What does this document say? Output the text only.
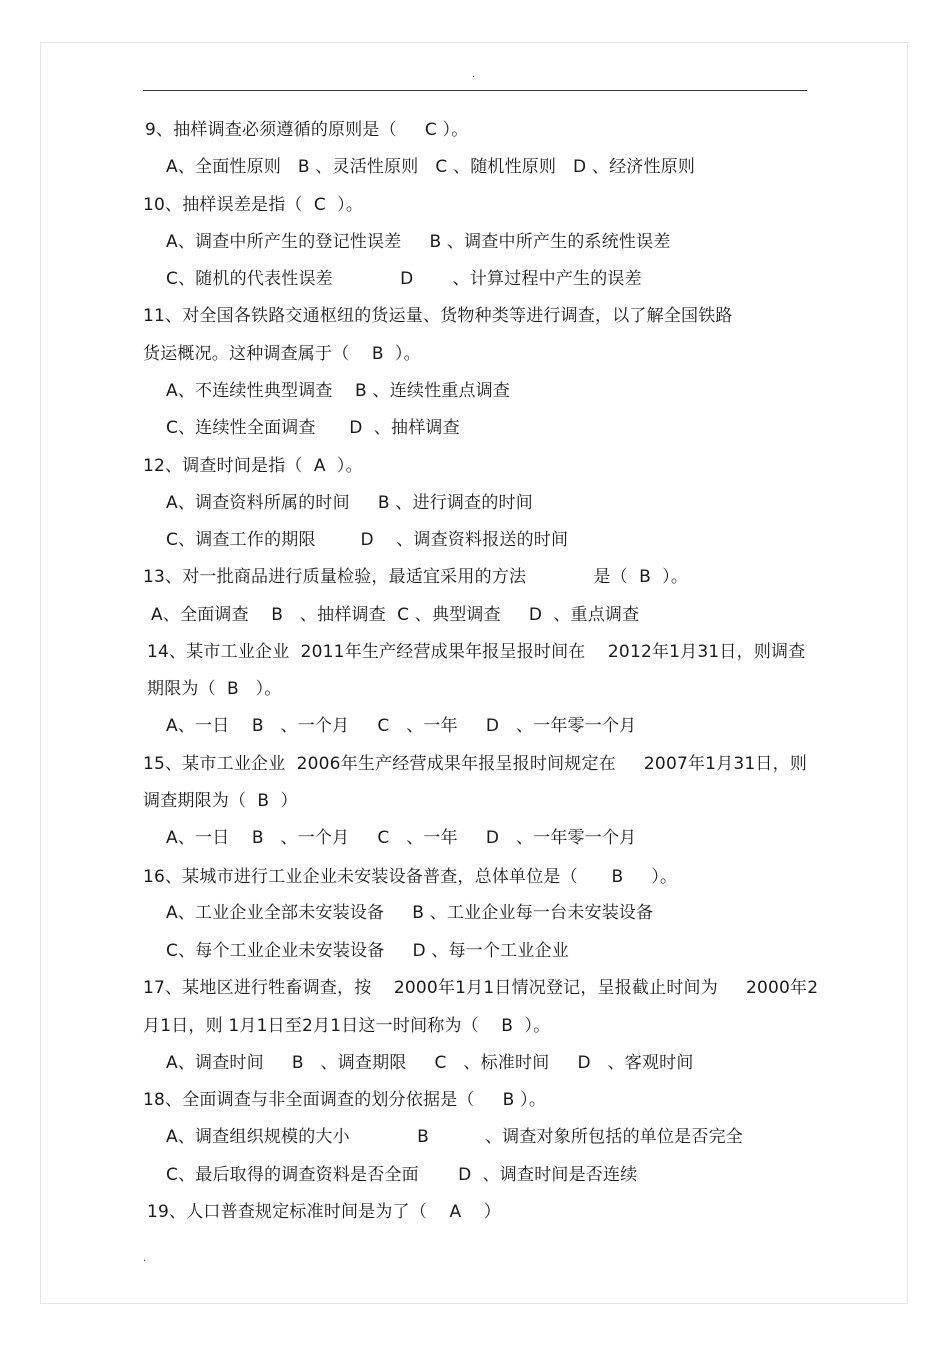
.
9、抽样调查必须遵循的原则是（     C ）。
A、全面性原则   B 、灵活性原则   C 、随机性原则   D 、经济性原则
10、抽样误差是指（  C  ）。
A、调查中所产生的登记性误差     B 、调查中所产生的系统性误差
C、随机的代表性误差            D       、计算过程中产生的误差
11、对全国各铁路交通枢纽的货运量、货物种类等进行调查，以了解全国铁路
货运概况。这种调查属于（    B  ）。
A、不连续性典型调查    B 、连续性重点调查
C、连续性全面调查      D  、抽样调查
12、调查时间是指（  A  ）。
A、调查资料所属的时间     B 、进行调查的时间
C、调查工作的期限        D    、调查资料报送的时间
13、对一批商品进行质量检验，最适宜采用的方法            是（  B  ）。
A、全面调查    B   、抽样调查  C 、典型调查     D  、重点调查
14、某市工业企业  2011年生产经营成果年报呈报时间在    2012年1月31日，则调查
期限为（  B   ）。
A、一日    B   、一个月     C   、一年     D   、一年零一个月
15、某市工业企业  2006年生产经营成果年报呈报时间规定在     2007年1月31日，则
调查期限为（  B  ）
A、一日    B   、一个月     C   、一年     D   、一年零一个月
16、某城市进行工业企业未安装设备普查，总体单位是（      B     ）。
A、工业企业全部未安装设备     B 、工业企业每一台未安装设备
C、每个工业企业未安装设备     D 、每一个工业企业
17、某地区进行牲畜调查，按    2000年1月1日情况登记，呈报截止时间为     2000年2
月1日，则 1月1日至2月1日这一时间称为（    B  ）。
A、调查时间     B   、调查期限     C   、标准时间     D   、客观时间
18、全面调查与非全面调查的划分依据是（     B ）。
A、调查组织规模的大小            B          、调查对象所包括的单位是否完全
C、最后取得的调查资料是否全面       D  、调查时间是否连续
19、人口普查规定标准时间是为了（    A    ）
.
